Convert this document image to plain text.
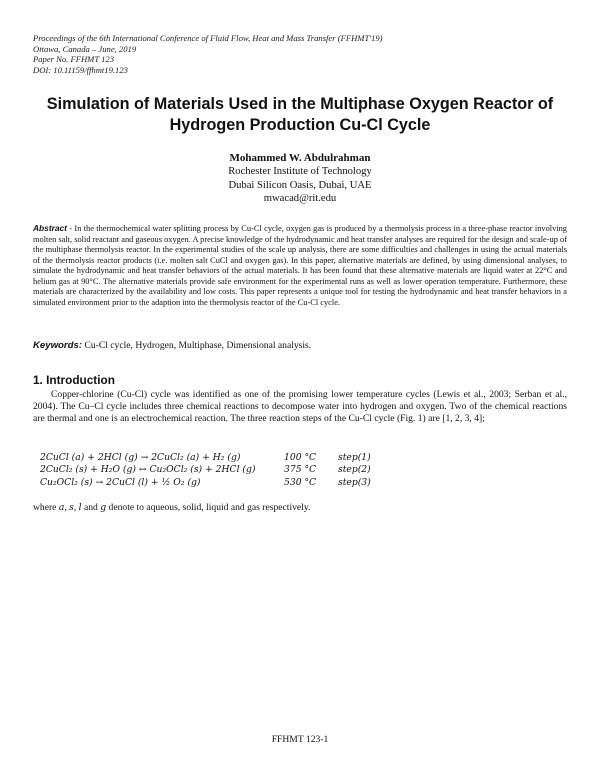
Proceedings of the 6th International Conference of Fluid Flow, Heat and Mass Transfer (FFHMT'19)
Ottawa, Canada – June, 2019
Paper No. FFHMT 123
DOI: 10.11159/ffhmt19.123
Simulation of Materials Used in the Multiphase Oxygen Reactor of
Hydrogen Production Cu-Cl Cycle
Mohammed W. Abdulrahman
Rochester Institute of Technology
Dubai Silicon Oasis, Dubai, UAE
mwacad@rit.edu
Abstract - In the thermochemical water splitting process by Cu-Cl cycle, oxygen gas is produced by a thermolysis process in a three-phase reactor involving molten salt, solid reactant and gaseous oxygen. A precise knowledge of the hydrodynamic and heat transfer analyses are required for the design and scale-up of the multiphase thermolysis reactor. In the experimental studies of the scale up analysis, there are some difficulties and challenges in using the actual materials of the thermolysis reactor products (i.e. molten salt CuCl and oxygen gas). In this paper, alternative materials are defined, by using dimensional analyses, to simulate the hydrodynamic and heat transfer behaviors of the actual materials. It has been found that these alternative materials are liquid water at 22°C and helium gas at 90°C. The alternative materials provide safe environment for the experimental runs as well as lower operation temperature. Furthermore, these materials are characterized by the availability and low costs. This paper represents a unique tool for testing the hydrodynamic and heat transfer behaviors in a simulated environment prior to the adaption into the thermolysis reactor of the Cu-Cl cycle.
Keywords: Cu-Cl cycle, Hydrogen, Multiphase, Dimensional analysis.
1. Introduction

Copper-chlorine (Cu-Cl) cycle was identified as one of the promising lower temperature cycles (Lewis et al., 2003; Serban et al., 2004). The Cu–Cl cycle includes three chemical reactions to decompose water into hydrogen and oxygen. Two of the chemical reactions are thermal and one is an electrochemical reaction. The three reaction steps of the Cu-Cl cycle (Fig. 1) are [1, 2, 3, 4];

2CuCl (a) + 2HCl (g) → 2CuCl₂ (a) + H₂ (g)	100 °C step(1)
2CuCl₂ (s) + H₂O (g) ↔ Cu₂OCl₂ (s) + 2HCl (g)	375 °C step(2)
Cu₂OCl₂ (s) → 2CuCl (l) + ½ O₂ (g)	530 °C step(3)
where a, s, l and g denote to aqueous, solid, liquid and gas respectively.
FFHMT 123-1
